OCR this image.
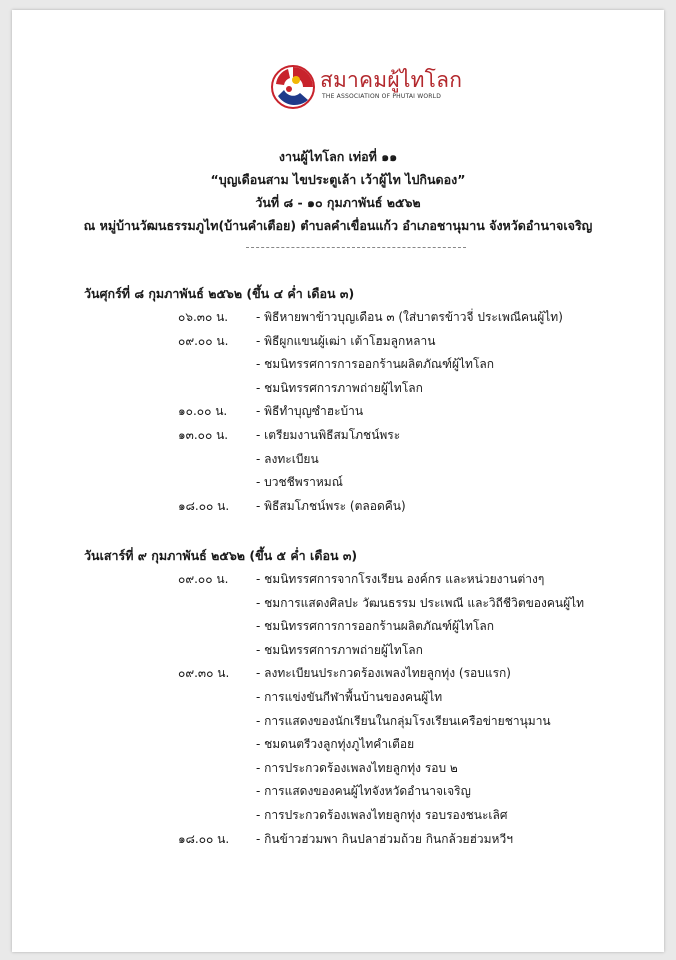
สมาคมผู้ไทโลก
THE ASSOCIATION OF PHUTAI WORLD
งานผู้ไทโลก เท่อที่ ๑๑
“บุญเดือนสาม ไขประตูเล้า เว้าผู้ไท ไปกินดอง”
วันที่ ๘ - ๑๐ กุมภาพันธ์ ๒๕๖๒
ณ หมู่บ้านวัฒนธรรมภูไท(บ้านคำเตือย) ตำบลคำเขื่อนแก้ว อำเภอชานุมาน จังหวัดอำนาจเจริญ
วันศุกร์ที่ ๘ กุมภาพันธ์ ๒๕๖๒ (ขึ้น ๔ ค่ำ เดือน ๓)
๐๖.๓๐ น. - พิธีหายพาข้าวบุญเดือน ๓ (ใส่บาตรข้าวจี่ ประเพณีคนผู้ไท)
๐๙.๐๐ น. - พิธีผูกแขนผู้เฒ่า เต้าโฮมลูกหลาน
- ชมนิทรรศการการออกร้านผลิตภัณฑ์ผู้ไทโลก
- ชมนิทรรศการภาพถ่ายผู้ไทโลก
๑๐.๐๐ น. - พิธีทำบุญซำฮะบ้าน
๑๓.๐๐ น. - เตรียมงานพิธีสมโภชน์พระ
- ลงทะเบียน
- บวชชีพราหมณ์
๑๘.๐๐ น. - พิธีสมโภชน์พระ (ตลอดคืน)
วันเสาร์ที่ ๙ กุมภาพันธ์ ๒๕๖๒ (ขึ้น ๕ ค่ำ เดือน ๓)
๐๙.๐๐ น. - ชมนิทรรศการจากโรงเรียน องค์กร และหน่วยงานต่างๆ
- ชมการแสดงศิลปะ วัฒนธรรม ประเพณี และวิถีชีวิตของคนผู้ไท
- ชมนิทรรศการการออกร้านผลิตภัณฑ์ผู้ไทโลก
- ชมนิทรรศการภาพถ่ายผู้ไทโลก
๐๙.๓๐ น. - ลงทะเบียนประกวดร้องเพลงไทยลูกทุ่ง (รอบแรก)
- การแข่งขันกีฬาพื้นบ้านของคนผู้ไท
- การแสดงของนักเรียนในกลุ่มโรงเรียนเครือข่ายชานุมาน
- ชมดนตรีวงลูกทุ่งภูไทคำเตือย
- การประกวดร้องเพลงไทยลูกทุ่ง รอบ ๒
- การแสดงของคนผู้ไทจังหวัดอำนาจเจริญ
- การประกวดร้องเพลงไทยลูกทุ่ง รอบรองชนะเลิศ
๑๘.๐๐ น. - กินข้าวฮ่วมพา กินปลาฮ่วมถ้วย กินกล้วยฮ่วมหวีฯ
